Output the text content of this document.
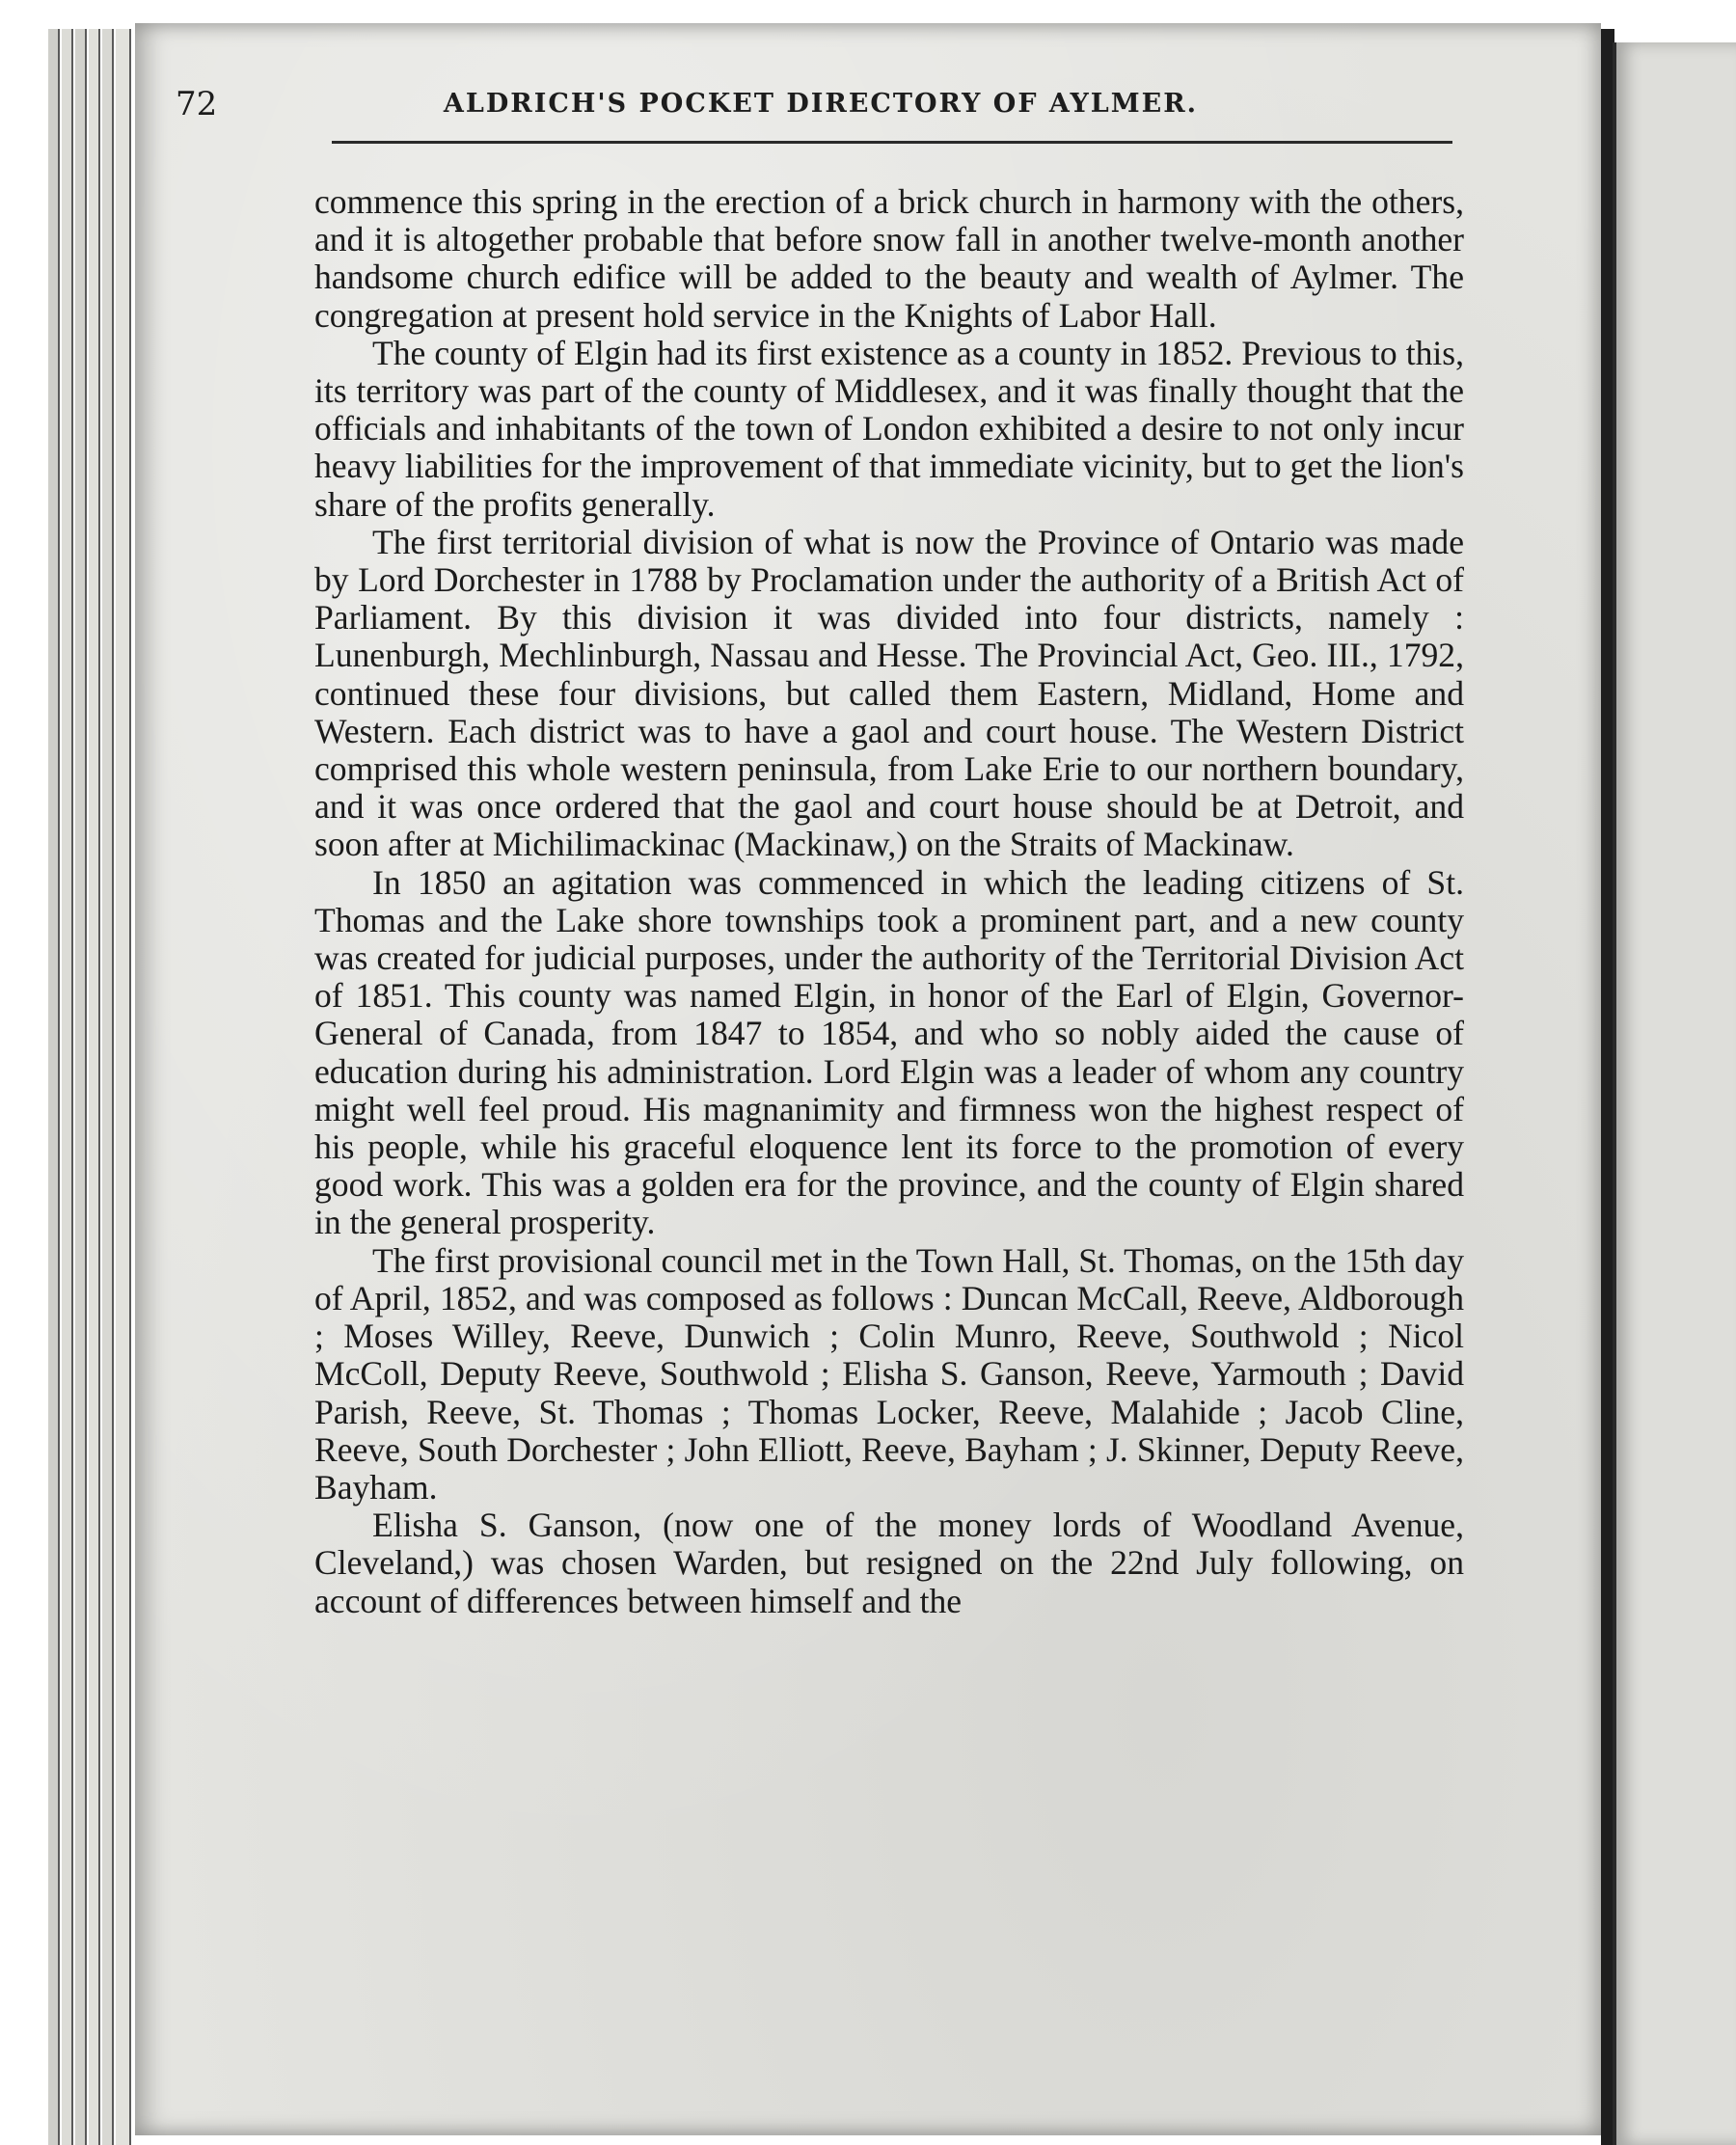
72	ALDRICH'S POCKET DIRECTORY OF AYLMER.

commence this spring in the erection of a brick church in harmony with the others, and it is altogether probable that before snow fall in another twelve-month another handsome church edifice will be added to the beauty and wealth of Aylmer. The congregation at present hold service in the Knights of Labor Hall.

The county of Elgin had its first existence as a county in 1852. Previous to this, its territory was part of the county of Middlesex, and it was finally thought that the officials and inhabitants of the town of London exhibited a desire to not only incur heavy liabilities for the improvement of that immediate vicinity, but to get the lion's share of the profits generally.

The first territorial division of what is now the Province of Ontario was made by Lord Dorchester in 1788 by Proclamation under the authority of a British Act of Parliament. By this division it was divided into four districts, namely : Lunenburgh, Mechlinburgh, Nassau and Hesse. The Provincial Act, Geo. III., 1792, continued these four divisions, but called them Eastern, Midland, Home and Western. Each district was to have a gaol and court house. The Western District comprised this whole western peninsula, from Lake Erie to our northern boundary, and it was once ordered that the gaol and court house should be at Detroit, and soon after at Michilimackinac (Mackinaw,) on the Straits of Mackinaw.

In 1850 an agitation was commenced in which the leading citizens of St. Thomas and the Lake shore townships took a prominent part, and a new county was created for judicial purposes, under the authority of the Territorial Division Act of 1851. This county was named Elgin, in honor of the Earl of Elgin, Governor-General of Canada, from 1847 to 1854, and who so nobly aided the cause of education during his administration. Lord Elgin was a leader of whom any country might well feel proud. His magnanimity and firmness won the highest respect of his people, while his graceful eloquence lent its force to the promotion of every good work. This was a golden era for the province, and the county of Elgin shared in the general prosperity.

The first provisional council met in the Town Hall, St. Thomas, on the 15th day of April, 1852, and was composed as follows : Duncan McCall, Reeve, Aldborough ; Moses Willey, Reeve, Dunwich ; Colin Munro, Reeve, Southwold ; Nicol McColl, Deputy Reeve, Southwold ; Elisha S. Ganson, Reeve, Yarmouth ; David Parish, Reeve, St. Thomas ; Thomas Locker, Reeve, Malahide ; Jacob Cline, Reeve, South Dorchester ; John Elliott, Reeve, Bayham ; J. Skinner, Deputy Reeve, Bayham.

Elisha S. Ganson, (now one of the money lords of Woodland Avenue, Cleveland,) was chosen Warden, but resigned on the 22nd July following, on account of differences between himself and the
